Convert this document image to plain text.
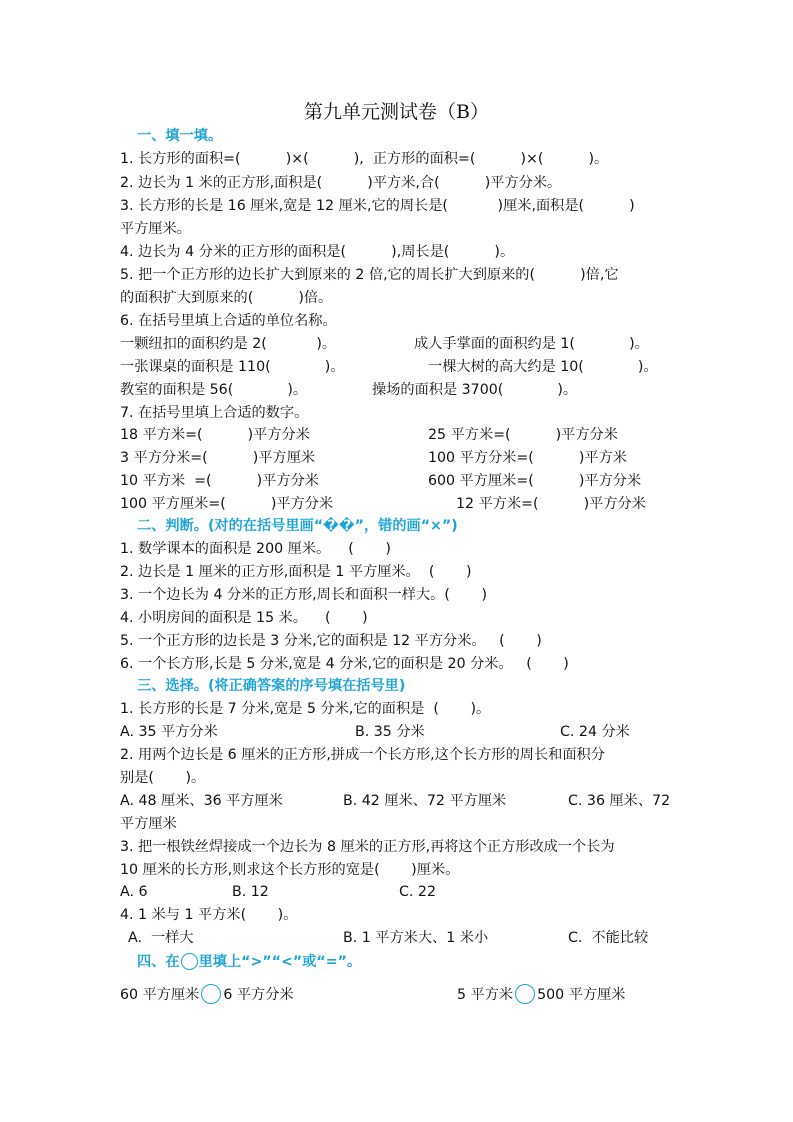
第九单元测试卷（B）
一、填一填。
1. 长方形的面积=(          )×(          ),  正方形的面积=(          )×(          )。
2. 边长为 1 米的正方形,面积是(          )平方米,合(          )平方分米。
3. 长方形的长是 16 厘米,宽是 12 厘米,它的周长是(           )厘米,面积是(          )
平方厘米。
4. 边长为 4 分米的正方形的面积是(          ),周长是(          )。
5. 把一个正方形的边长扩大到原来的 2 倍,它的周长扩大到原来的(          )倍,它
的面积扩大到原来的(          )倍。
6. 在括号里填上合适的单位名称。
一颗纽扣的面积约是 2(           )。	成人手掌面的面积约是 1(            )。
一张课桌的面积是 110(            )。	一棵大树的高大约是 10(            )。
教室的面积是 56(            )。	操场的面积是 3700(            )。
7. 在括号里填上合适的数字。
18 平方米=(          )平方分米	25 平方米=(          )平方分米
3 平方分米=(          )平方厘米	100 平方分米=(          )平方米
10 平方米  =(          )平方分米	600 平方厘米=(          )平方分米
100 平方厘米=(          )平方分米	12 平方米=(          )平方分米
二、判断。(对的在括号里画“��”，错的画“×”)
1. 数学课本的面积是 200 厘米。    (       )
2. 边长是 1 厘米的正方形,面积是 1 平方厘米。  (       )
3. 一个边长为 4 分米的正方形,周长和面积一样大。(       )
4. 小明房间的面积是 15 米。    (       )
5. 一个正方形的边长是 3 分米,它的面积是 12 平方分米。   (       )
6. 一个长方形,长是 5 分米,宽是 4 分米,它的面积是 20 分米。   (       )
三、选择。(将正确答案的序号填在括号里)
1. 长方形的长是 7 分米,宽是 5 分米,它的面积是  (       )。
A. 35 平方分米	B. 35 分米	C. 24 分米
2. 用两个边长是 6 厘米的正方形,拼成一个长方形,这个长方形的周长和面积分
别是(       )。
A. 48 厘米、36 平方厘米	B. 42 厘米、72 平方厘米	C. 36 厘米、72
平方厘米
3. 把一根铁丝焊接成一个边长为 8 厘米的正方形,再将这个正方形改成一个长为
10 厘米的长方形,则求这个长方形的宽是(       )厘米。
A. 6	B. 12	C. 22
4. 1 米与 1 平方米(       )。
A.  一样大	B. 1 平方米大、1 米小	C.  不能比较
四、在 里填上“>”“<”或“=”。
60 平方厘米 6 平方分米	5 平方米 500 平方厘米
